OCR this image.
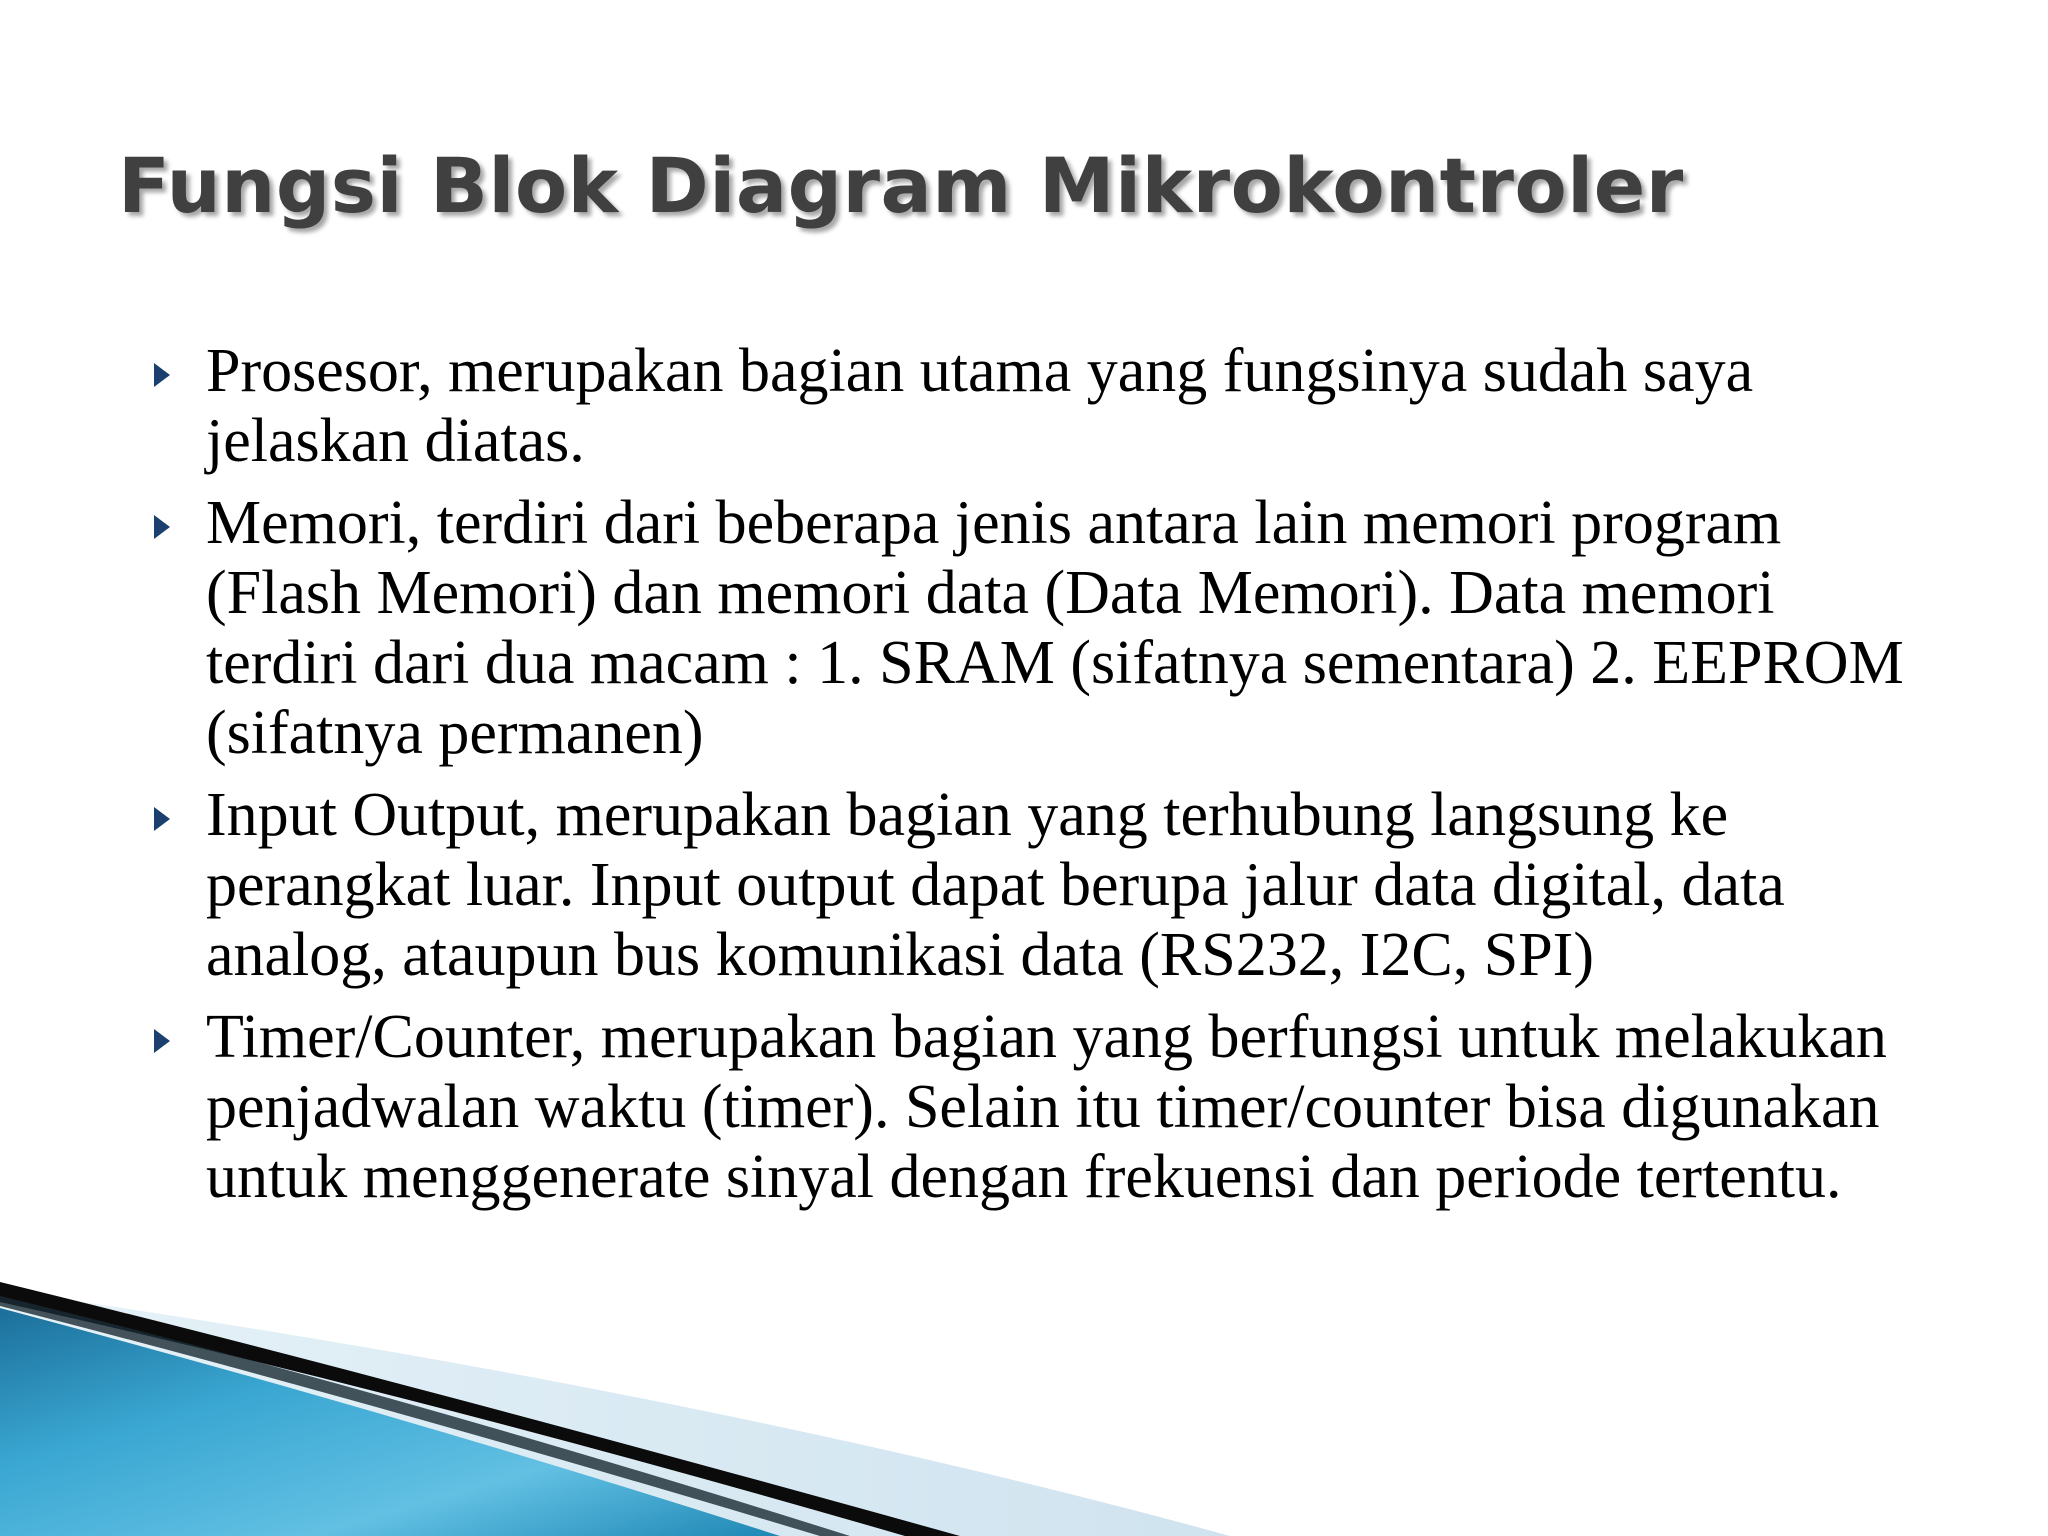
Fungsi Blok Diagram Mikrokontroler
Prosesor, merupakan bagian utama yang fungsinya sudah saya jelaskan diatas.
Memori, terdiri dari beberapa jenis antara lain memori program (Flash Memori) dan memori data (Data Memori). Data memori terdiri dari dua macam : 1. SRAM (sifatnya sementara) 2. EEPROM (sifatnya permanen)
Input Output, merupakan bagian yang terhubung langsung ke perangkat luar. Input output dapat berupa jalur data digital, data analog, ataupun bus komunikasi data (RS232, I2C, SPI)
Timer/Counter, merupakan bagian yang berfungsi untuk melakukan penjadwalan waktu (timer). Selain itu timer/counter bisa digunakan untuk menggenerate sinyal dengan frekuensi dan periode tertentu.
